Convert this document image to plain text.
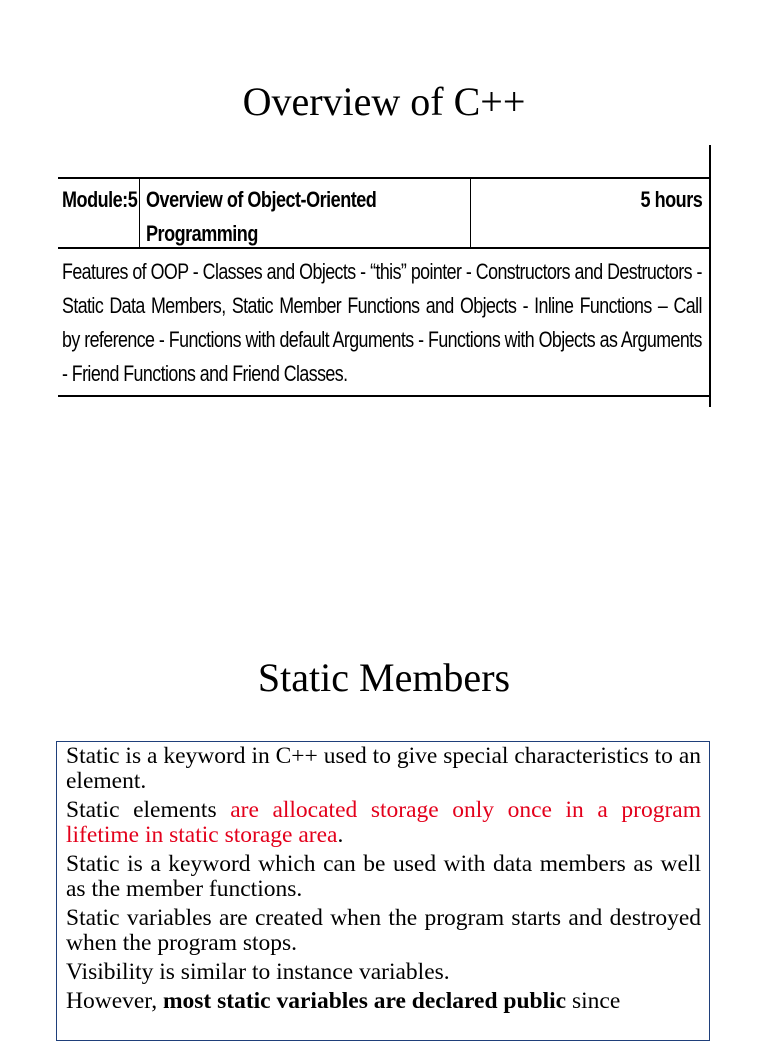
Overview of C++
Module:5 Overview of Object-Oriented Programming
5 hours
Features of OOP - Classes and Objects - “this” pointer - Constructors and Destructors - Static Data Members, Static Member Functions and Objects - Inline Functions – Call by reference - Functions with default Arguments - Functions with Objects as Arguments - Friend Functions and Friend Classes.
Static Members

Static is a keyword in C++ used to give special characteristics to an element.

Static elements are allocated storage only once in a program lifetime in static storage area.

Static is a keyword which can be used with data members as well as the member functions.

Static variables are created when the program starts and destroyed when the program stops.

Visibility is similar to instance variables.

However, most static variables are declared public since
